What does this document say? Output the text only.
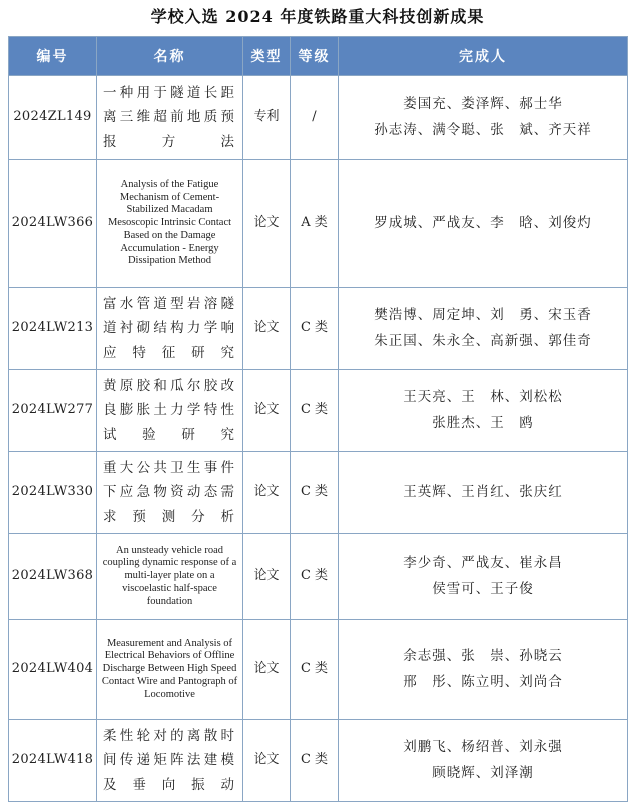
学校入选 2024 年度铁路重大科技创新成果
编号	名称	类型	等级	完成人
2024ZL149	一种用于隧道长距离三维超前地质预报方法	专利	/	娄国充、娄泽辉、郝士华
孙志涛、满令聪、张　斌、齐天祥

2024LW366	Analysis of the Fatigue Mechanism of Cement-Stabilized Macadam Mesoscopic Intrinsic Contact Based on the Damage Accumulation - Energy Dissipation Method	论文	A 类	罗成城、严战友、李　晗、刘俊灼

2024LW213	富水管道型岩溶隧道衬砌结构力学响应特征研究	论文	C 类	樊浩博、周定坤、刘　勇、宋玉香
朱正国、朱永全、高新强、郭佳奇

2024LW277	黄原胶和瓜尔胶改良膨胀土力学特性试验研究	论文	C 类	王天亮、王　林、刘松松
张胜杰、王　鸥

2024LW330	重大公共卫生事件下应急物资动态需求预测分析	论文	C 类	王英辉、王肖红、张庆红

2024LW368	An unsteady vehicle road coupling dynamic response of a multi-layer plate on a viscoelastic half-space foundation	论文	C 类	李少奇、严战友、崔永昌
侯雪可、王子俊

2024LW404	Measurement and Analysis of Electrical Behaviors of Offline Discharge Between High Speed Contact Wire and Pantograph of Locomotive	论文	C 类	余志强、张　崇、孙晓云
邢　彤、陈立明、刘尚合

2024LW418	柔性轮对的离散时间传递矩阵法建模及垂向振动	论文	C 类	刘鹏飞、杨绍普、刘永强
顾晓辉、刘泽潮
